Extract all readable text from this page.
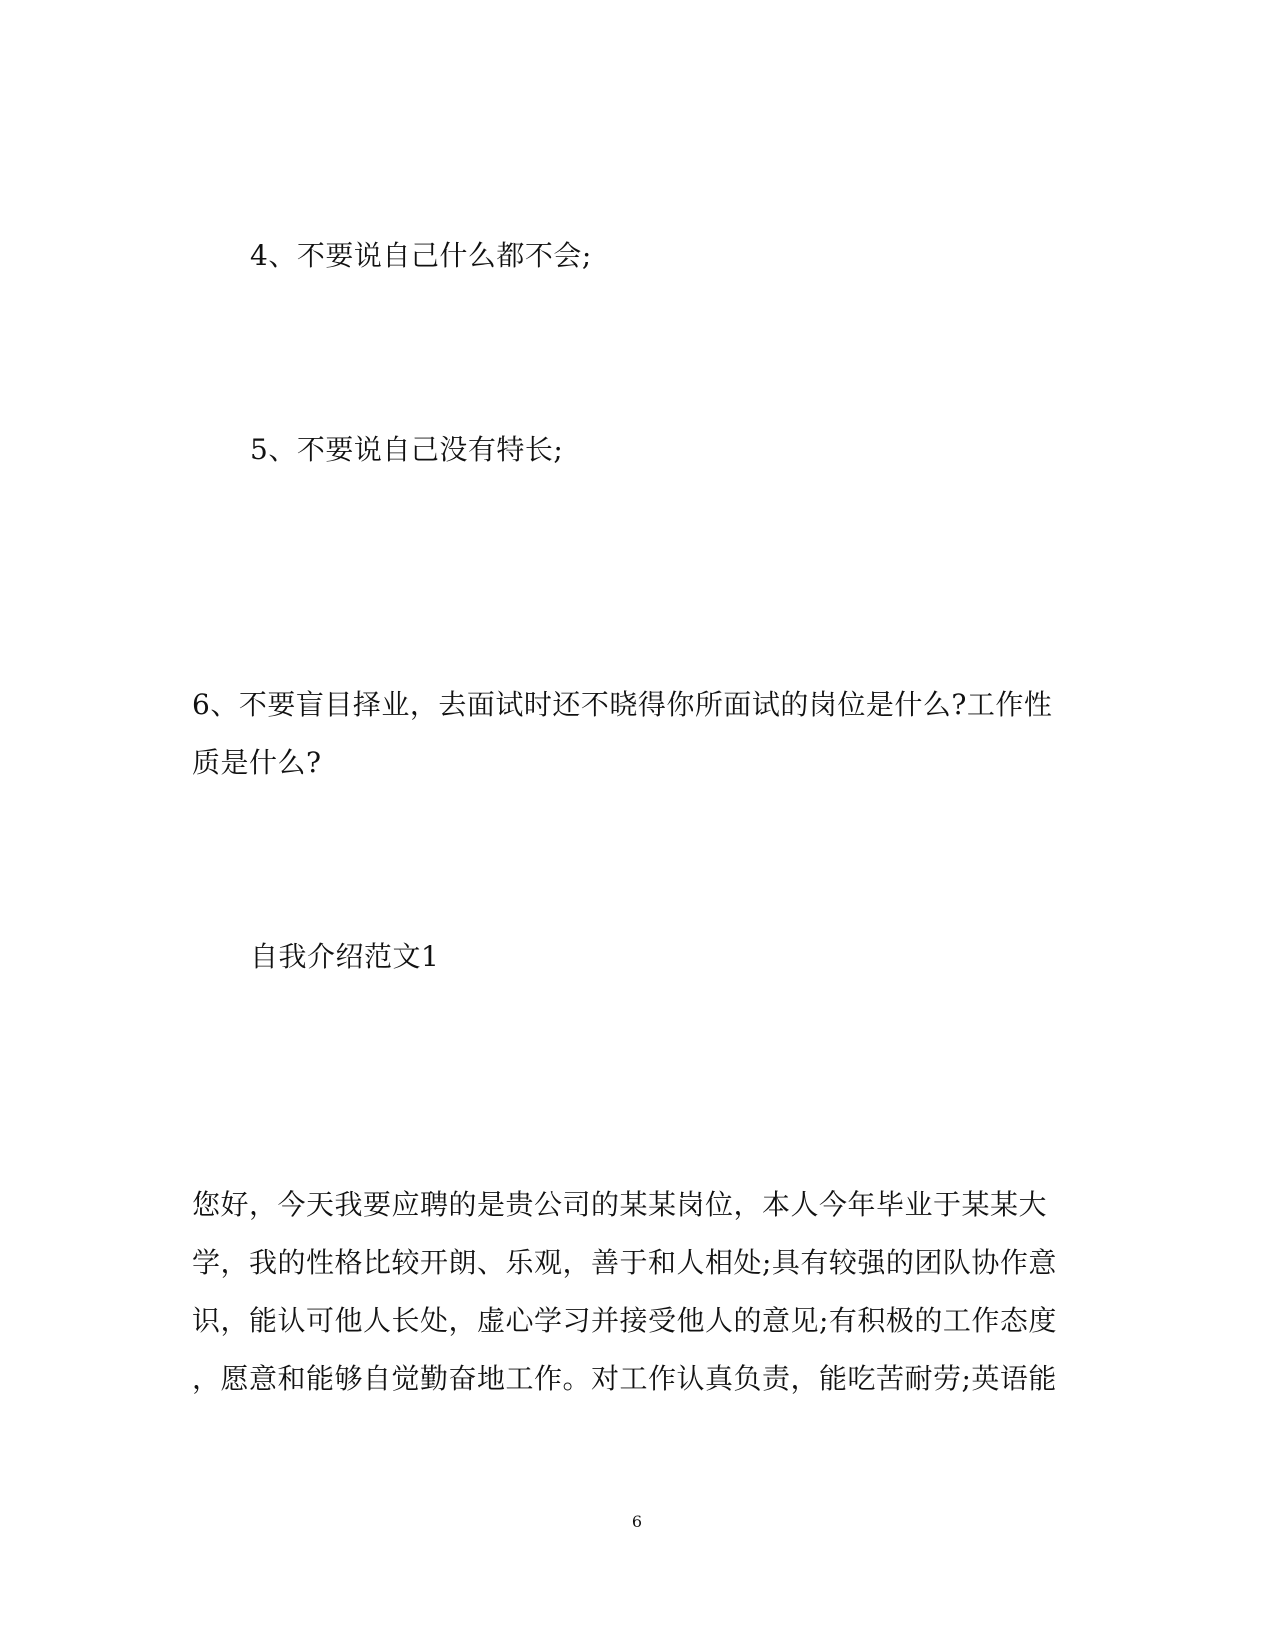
4、不要说自己什么都不会;
5、不要说自己没有特长;
6、不要盲目择业，去面试时还不晓得你所面试的岗位是什么?工作性
质是什么?
自我介绍范文1
您好，今天我要应聘的是贵公司的某某岗位，本人今年毕业于某某大
学，我的性格比较开朗、乐观，善于和人相处;具有较强的团队协作意
识，能认可他人长处，虚心学习并接受他人的意见;有积极的工作态度
，愿意和能够自觉勤奋地工作。对工作认真负责，能吃苦耐劳;英语能
6
